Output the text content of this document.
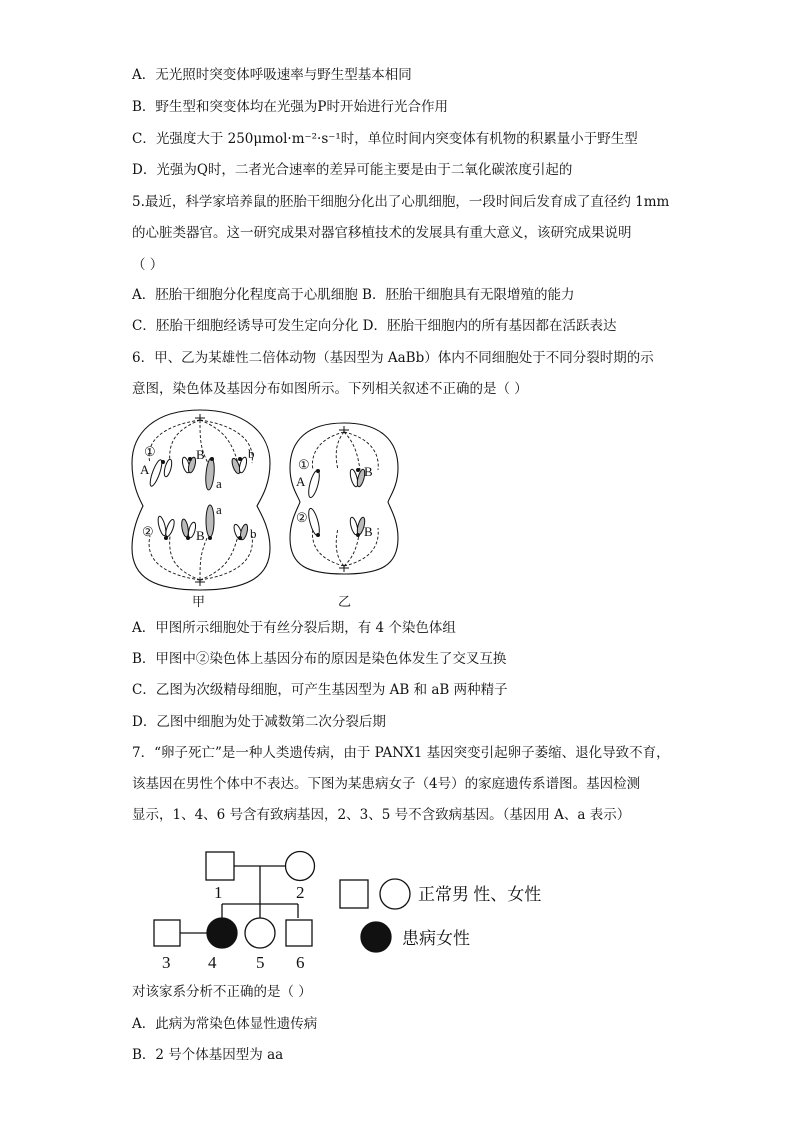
A．无光照时突变体呼吸速率与野生型基本相同
B．野生型和突变体均在光强为P时开始进行光合作用
C．光强度大于 250μmol·m⁻²·s⁻¹时，单位时间内突变体有机物的积累量小于野生型
D．光强为Q时，二者光合速率的差异可能主要是由于二氧化碳浓度引起的
5.最近，科学家培养鼠的胚胎干细胞分化出了心肌细胞，一段时间后发育成了直径约 1mm
的心脏类器官。这一研究成果对器官移植技术的发展具有重大意义，该研究成果说明
（ ）
A．胚胎干细胞分化程度高于心肌细胞 B．胚胎干细胞具有无限增殖的能力
C．胚胎干细胞经诱导可发生定向分化 D．胚胎干细胞内的所有基因都在活跃表达
6．甲、乙为某雄性二倍体动物（基因型为 AaBb）体内不同细胞处于不同分裂时期的示
意图，染色体及基因分布如图所示。下列相关叙述不正确的是（ ）
A．甲图所示细胞处于有丝分裂后期，有 4 个染色体组
B．甲图中②染色体上基因分布的原因是染色体发生了交叉互换
C．乙图为次级精母细胞，可产生基因型为 AB 和 aB 两种精子
D．乙图中细胞为处于减数第二次分裂后期
7．“卵子死亡”是一种人类遗传病，由于 PANX1 基因突变引起卵子萎缩、退化导致不育，
该基因在男性个体中不表达。下图为某患病女子（4号）的家庭遗传系谱图。基因检测
显示，1、4、6 号含有致病基因，2、3、5 号不含致病基因。（基因用 A、a 表示）
对该家系分析不正确的是（ ）
A．此病为常染色体显性遗传病
B．2 号个体基因型为 aa
①
A
B	b
a
②
a
B	b
甲
①
A
B
②
B
乙
1	2
3 4 5 6
正常男 性、女性
患病女性
